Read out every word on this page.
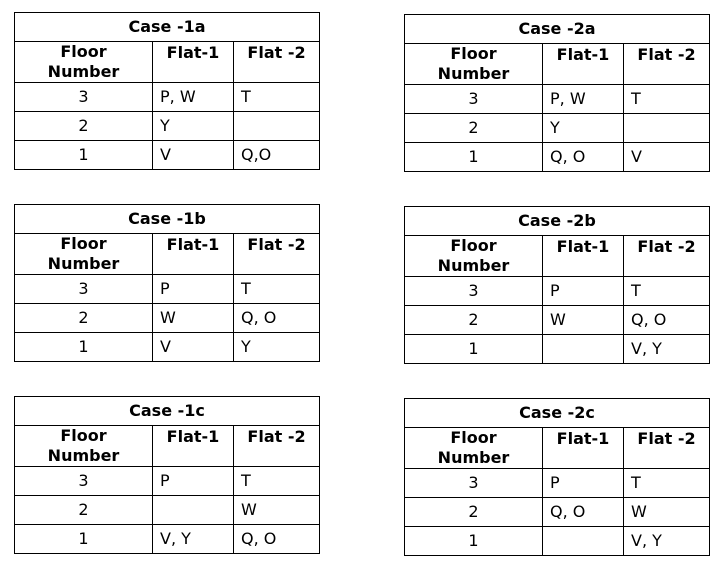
Case -1a		
Floor
Number	Flat-1	Flat -2
3	P, W	T
2	Y	
1	V	Q,O
Case -2a		
Floor
Number	Flat-1	Flat -2
3	P, W	T
2	Y	
1	Q, O	V
Case -1b		
Floor
Number	Flat-1	Flat -2
3	P	T
2	W	Q, O
1	V	Y
Case -2b		
Floor
Number	Flat-1	Flat -2
3	P	T
2	W	Q, O
1		V, Y
Case -1c		
Floor
Number	Flat-1	Flat -2
3	P	T
2		W
1	V, Y	Q, O
Case -2c		
Floor
Number	Flat-1	Flat -2
3	P	T
2	Q, O	W
1		V, Y
